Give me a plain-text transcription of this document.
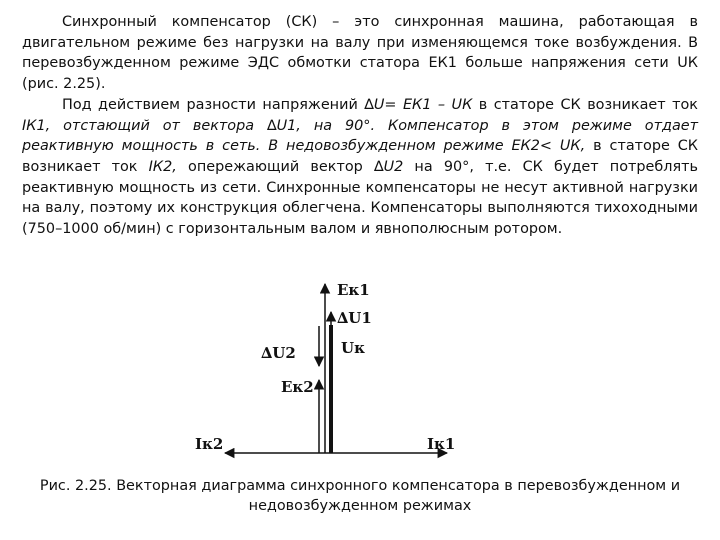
Синхронный компенсатор (СК) – это синхронная машина, работающая в двигательном режиме без нагрузки на валу при изменяющемся токе возбуждения. В перевозбужденном режиме ЭДС обмотки статора EК1 больше напряжения сети UК (рис. 2.25).

Под действием разности напряжений ∆U= EК1 – UК в статоре СК возникает ток IК1, отстающий от вектора ∆U1, на 90°. Компенсатор в этом режиме отдает реактивную мощность в сеть. В недовозбужденном режиме EК2< UК, в статоре СК возникает ток IК2, опережающий вектор ∆U2 на 90°, т.е. СК будет потреблять реактивную мощность из сети. Синхронные компенсаторы не несут активной нагрузки на валу, поэтому их конструкция облегчена. Компенсаторы выполняются тихоходными (750–1000 об/мин) с горизонтальным валом и явнополюсным ротором.

Eк1
∆U1
∆U2	Uк
Eк2
Iк2	Iк1
Рис. 2.25. Векторная диаграмма синхронного компенсатора в перевозбужденном и недовозбужденном режимах
